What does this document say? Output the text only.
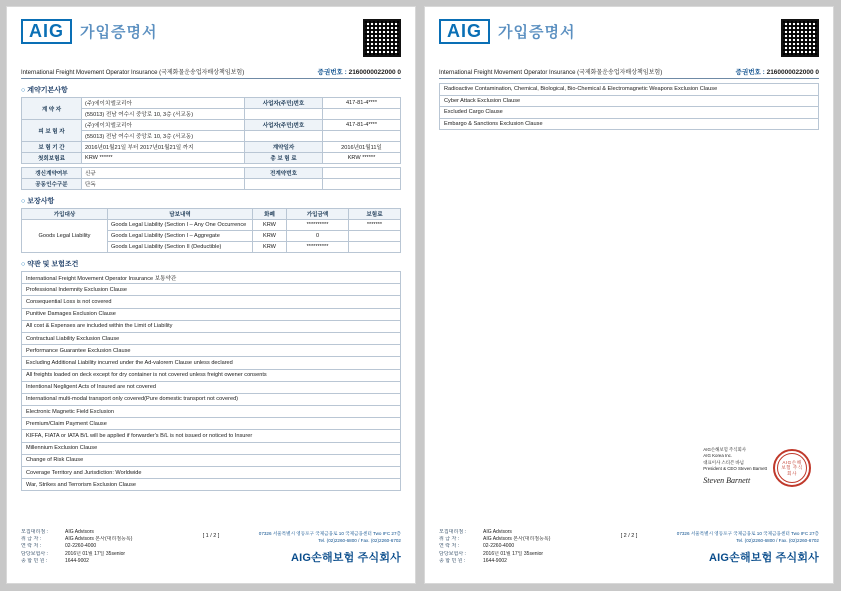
AIG	가입증명서
International Freight Movement Operator Insurance (국제화물운송업자배상책임보험)	증권번호 : 2160000022000 0
○ 계약기본사항
계 약 자	(주)에이치엘코리아	사업자(주민)번호	417-81-4****
	(55013) 전남 여수시 중앙로 10, 3층 (서교동)		
피 보 험 자	(주)에이치엘코리아	사업자(주민)번호	417-81-4****
	(55013) 전남 여수시 중앙로 10, 3층 (서교동)		
보 험 기 간	2016년01월21일 부터 2017년01월21일 까지	계약일자	2016년01월11일
첫회보험료	KRW ******	총 보 험 료	KRW ******
갱신계약여부	신규	전계약번호	
공동인수구분	단독		
○ 보장사항
가입대상	담보내역	화폐	가입금액	보험료
Goods Legal Liability	Goods Legal Liability (Section I – Any One Occurrence	KRW	**********	*******
	Goods Legal Liability (Section I – Aggregate	KRW	0	
	Goods Legal Liability (Section II (Deductible)	KRW	**********	
○ 약관 및 보험조건
International Freight Movement Operator Insurance 보통약관
Professional Indemnity Exclusion Clause
Consequential Loss is not covered
Punitive Damages Exclusion Clause
All cost & Expenses are included within the Limit of Liability
Contractual Liability Exclusion Clause
Performance Guarantee Exclusion Clause
Excluding Additional Liability incurred under the Ad-valorem Clause unless declared
All freights loaded on deck except for dry container is not covered unless freight owener consents
Intentional Negligent Acts of Insured are not covered
International multi-modal transport only covered(Pure domestic transport not covered)
Electronic Magnetic Field Exclusion
Premium/Claim Payment Clause
KIFFA, FIATA or IATA B/L will be applied if forwarder's B/L is not issued or noticed to Insurer
Millennium Exclusion Clause
Change of Risk Clause
Coverage Territory and Jurisdiction: Worldwide
War, Strikes and Terrorism Exclusion Clause
[ 1 / 2 ]
모집대리점 :	AIG Advisors
취 급 자 :	AIG Advisors 본사(대리점등록)
연 락 처 :	02-2260-4000
담당보험사 :	2016년 01월 17일 35senior
종 합 민 원 :	1644-9002
07326 서울특별시 영등포구 국제금융로 10 국제금융센터 Two IFC 27층
Tel. (02)2260-6800 / Fax. (02)2260-6702
AIG손해보험 주식회사
AIG	가입증명서
International Freight Movement Operator Insurance (국제화물운송업자배상책임보험)	증권번호 : 2160000022000 0
Radioactive Contamination, Chemical, Biological, Bio-Chemical & Electromagnetic Weapons Exclusion Clause
Cyber Attack Exclusion Clause
Excluded Cargo Clause
Embargo & Sanctions Exclusion Clause
AIG손해보험 주식회사
AIG Korea Inc.
대표이사 스티븐 바넘
President & CEO Steven Barnett
Steven Barnett
AIG손해보험 주식회사
[ 2 / 2 ]
모집대리점 :	AIG Advisors
취 급 자 :	AIG Advisors 본사(대리점등록)
연 락 처 :	02-2260-4000
담당보험사 :	2016년 01월 17일 35senior
종 합 민 원 :	1644-9002
07326 서울특별시 영등포구 국제금융로 10 국제금융센터 Two IFC 27층
Tel. (02)2260-6800 / Fax. (02)2260-6702
AIG손해보험 주식회사
